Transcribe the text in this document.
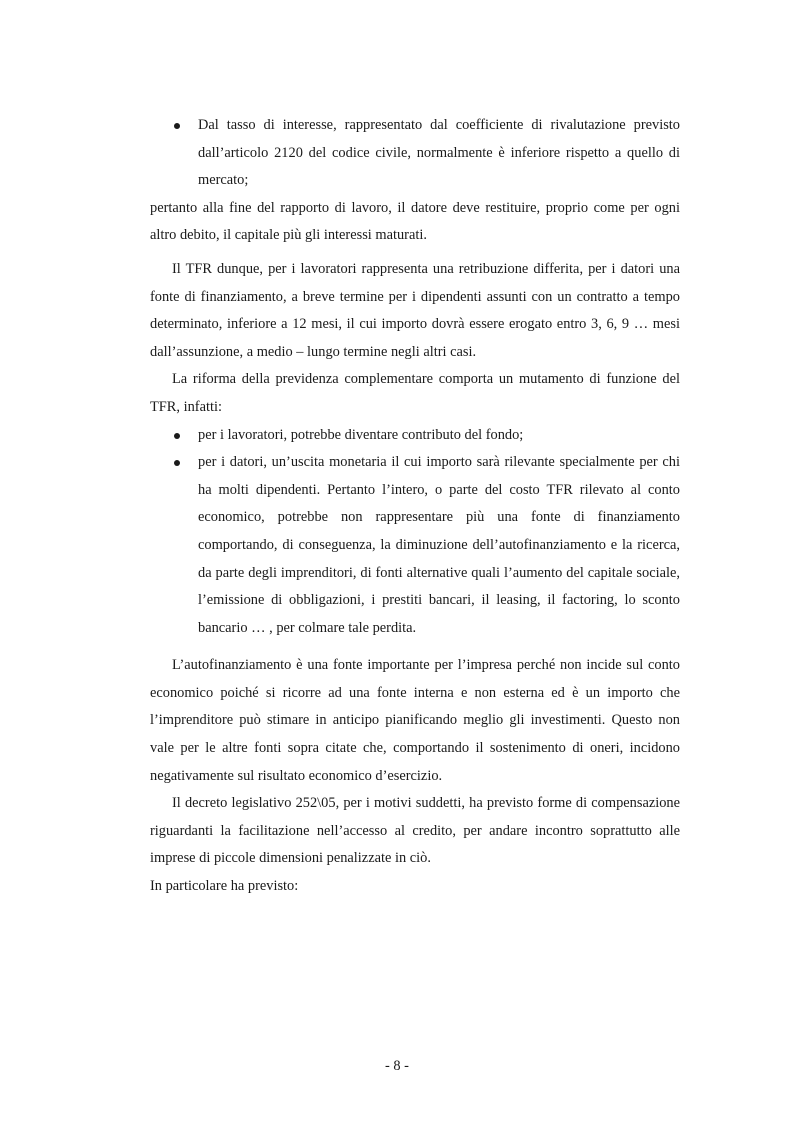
Dal tasso di interesse, rappresentato dal coefficiente di rivalutazione previsto dall’articolo 2120 del codice civile, normalmente è inferiore rispetto a quello di mercato;

pertanto alla fine del rapporto di lavoro, il datore deve restituire, proprio come per ogni altro debito, il capitale più gli interessi maturati.

Il TFR dunque, per i lavoratori rappresenta una retribuzione differita, per i datori una fonte di finanziamento, a breve termine per i dipendenti assunti con un contratto a tempo determinato, inferiore a 12 mesi, il cui importo dovrà essere erogato entro 3, 6, 9 … mesi dall’assunzione, a medio – lungo termine negli altri casi.

La riforma della previdenza complementare comporta un mutamento di funzione del TFR, infatti:

per i lavoratori, potrebbe diventare contributo del fondo;
per i datori, un’uscita monetaria il cui importo sarà rilevante specialmente per chi ha molti dipendenti. Pertanto l’intero, o parte del costo TFR rilevato al conto economico, potrebbe non rappresentare più una fonte di finanziamento comportando, di conseguenza, la diminuzione dell’autofinanziamento e la ricerca, da parte degli imprenditori, di fonti alternative quali l’aumento del capitale sociale, l’emissione di obbligazioni, i prestiti bancari, il leasing, il factoring, lo sconto bancario … , per colmare tale perdita.

L’autofinanziamento è una fonte importante per l’impresa perché non incide sul conto economico poiché si ricorre ad una fonte interna e non esterna ed è un importo che l’imprenditore può stimare in anticipo pianificando meglio gli investimenti. Questo non vale per le altre fonti sopra citate che, comportando il sostenimento di oneri, incidono negativamente sul risultato economico d’esercizio.

Il decreto legislativo 252\05, per i motivi suddetti, ha previsto forme di compensazione riguardanti la facilitazione nell’accesso al credito, per andare incontro soprattutto alle imprese di piccole dimensioni penalizzate in ciò.

In particolare ha previsto:

- 8 -
